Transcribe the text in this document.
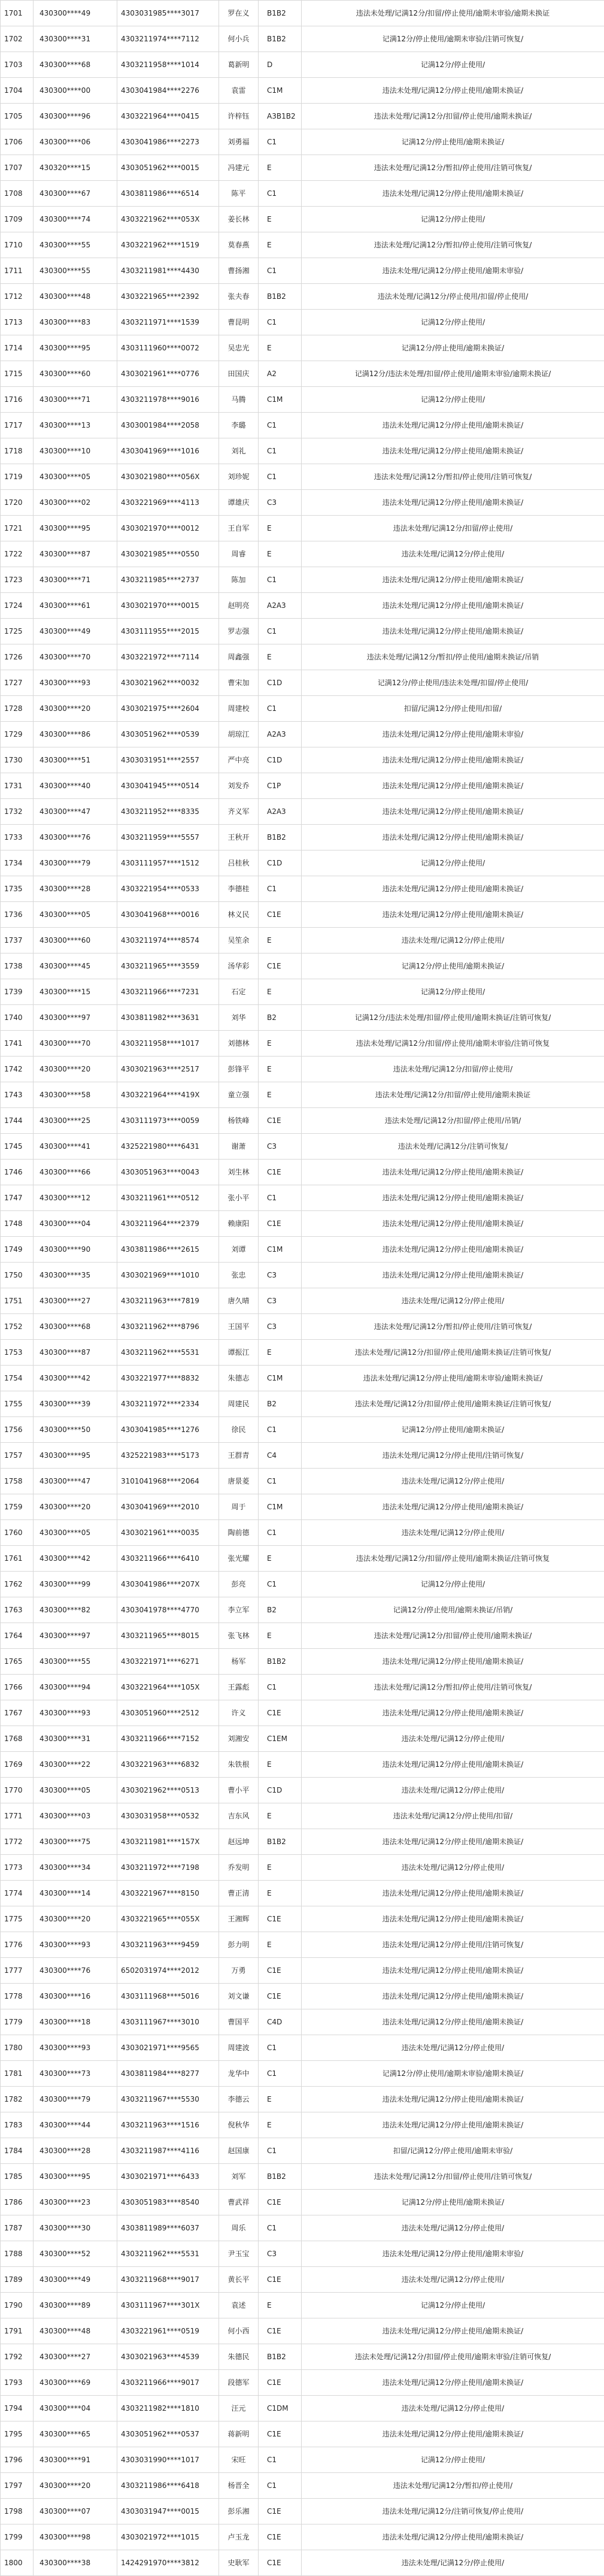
1701	430300****49	4303031985****3017	罗在义	B1B2	违法未处理/记满12分/扣留/停止使用/逾期未审验/逾期未换证
1702	430300****31	4303211974****7112	何小兵	B1B2	记满12分/停止使用/逾期未审验/注销可恢复/
1703	430300****68	4303211958****1014	葛新明	D	记满12分/停止使用/
1704	430300****00	4303041984****2276	袁雷	C1M	违法未处理/记满12分/停止使用/逾期未换证/
1705	430300****96	4303221964****0415	许梓钰	A3B1B2	违法未处理/记满12分/扣留/停止使用/逾期未换证/
1706	430300****06	4303041986****2273	刘勇福	C1	记满12分/停止使用/逾期未换证/
1707	430320****15	4303051962****0015	冯建元	E	违法未处理/记满12分/暂扣/停止使用/注销可恢复/
1708	430300****67	4303811986****6514	陈平	C1	违法未处理/记满12分/停止使用/逾期未换证/
1709	430300****74	4303221962****053X	姜长林	E	记满12分/停止使用/
1710	430300****55	4303221962****1519	莫春燕	E	违法未处理/记满12分/暂扣/停止使用/注销可恢复/
1711	430300****55	4303211981****4430	曹扬湘	C1	违法未处理/记满12分/停止使用/逾期未审验/
1712	430300****48	4303221965****2392	张夫春	B1B2	违法未处理/记满12分/停止使用/扣留/停止使用/
1713	430300****83	4303211971****1539	曹昆明	C1	记满12分/停止使用/
1714	430300****95	4303111960****0072	吴忠光	E	记满12分/停止使用/逾期未换证/
1715	430300****60	4303021961****0776	田国庆	A2	记满12分/违法未处理/扣留/停止使用/逾期未审验/逾期未换证/
1716	430300****71	4303211978****9016	马腾	C1M	记满12分/停止使用/
1717	430300****13	4303001984****2058	李璐	C1	违法未处理/记满12分/停止使用/逾期未换证/
1718	430300****10	4303041969****1016	刘礼	C1	违法未处理/记满12分/停止使用/逾期未换证/
1719	430300****05	4303021980****056X	刘珍妮	C1	违法未处理/记满12分/暂扣/停止使用/注销可恢复/
1720	430300****02	4303221969****4113	谭雄庆	C3	违法未处理/记满12分/停止使用/逾期未换证/
1721	430300****95	4303021970****0012	王自军	E	违法未处理/记满12分/扣留/停止使用/
1722	430300****87	4303021985****0550	周睿	E	违法未处理/记满12分/停止使用/
1723	430300****71	4303211985****2737	陈加	C1	违法未处理/记满12分/停止使用/逾期未换证/
1724	430300****61	4303021970****0015	赵明亮	A2A3	违法未处理/记满12分/停止使用/逾期未换证/
1725	430300****49	4303111955****2015	罗志强	C1	违法未处理/记满12分/停止使用/逾期未换证/
1726	430300****70	4303221972****7114	周鑫强	E	违法未处理/记满12分/暂扣/停止使用/逾期未换证/吊销
1727	430300****93	4303021962****0032	曹宋加	C1D	记满12分/停止使用/违法未处理/扣留/停止使用/
1728	430300****20	4303021975****2604	周建校	C1	扣留/记满12分/停止使用/扣留/
1729	430300****86	4303051962****0539	胡琼江	A2A3	违法未处理/记满12分/停止使用/逾期未审验/
1730	430300****51	4303031951****2557	严中亮	C1D	违法未处理/记满12分/停止使用/逾期未换证/
1731	430300****40	4303041945****0514	刘发乔	C1P	违法未处理/记满12分/停止使用/逾期未换证/
1732	430300****47	4303211952****8335	齐义军	A2A3	违法未处理/记满12分/停止使用/逾期未换证/
1733	430300****76	4303211959****5557	王秋开	B1B2	违法未处理/记满12分/停止使用/逾期未换证/
1734	430300****79	4303111957****1512	吕桂秋	C1D	记满12分/停止使用/
1735	430300****28	4303221954****0533	李德桂	C1	违法未处理/记满12分/停止使用/逾期未换证/
1736	430300****05	4303041968****0016	林义民	C1E	违法未处理/记满12分/停止使用/逾期未换证/
1737	430300****60	4303211974****8574	吴笙余	E	违法未处理/记满12分/停止使用/
1738	430300****45	4303211965****3559	汤华彩	C1E	记满12分/停止使用/逾期未换证/
1739	430300****15	4303211966****7231	石定	E	记满12分/停止使用/
1740	430300****97	4303811982****3631	刘华	B2	记满12分/违法未处理/扣留/停止使用/逾期未换证/注销可恢复/
1741	430300****70	4303211958****1017	刘德林	E	违法未处理/记满12分/扣留/停止使用/逾期未审验/注销可恢复
1742	430300****20	4303021963****2517	彭锋平	E	违法未处理/记满12分/扣留/停止使用/
1743	430300****58	4303221964****419X	童立强	E	违法未处理/记满12分/扣留/停止使用/逾期未换证
1744	430300****25	4303111973****0059	杨铁峰	C1E	违法未处理/记满12分/扣留/停止使用/吊销/
1745	430300****41	4325221980****6431	谢萧	C3	违法未处理/记满12分/注销可恢复/
1746	430300****66	4303051963****0043	刘生林	C1E	违法未处理/记满12分/停止使用/逾期未换证/
1747	430300****12	4303211961****0512	张小平	C1	违法未处理/记满12分/停止使用/逾期未换证/
1748	430300****04	4303211964****2379	赖康阳	C1E	违法未处理/记满12分/停止使用/逾期未换证/
1749	430300****90	4303811986****2615	刘谭	C1M	违法未处理/记满12分/停止使用/逾期未换证/
1750	430300****35	4303021969****1010	张忠	C3	违法未处理/记满12分/停止使用/逾期未换证/
1751	430300****27	4303211963****7819	唐久晴	C3	违法未处理/记满12分/停止使用/
1752	430300****68	4303211962****8796	王国平	C3	违法未处理/记满12分/暂扣/停止使用/注销可恢复/
1753	430300****87	4303211962****5531	谭振江	E	违法未处理/记满12分/扣留/停止使用/逾期未换证/注销可恢复/
1754	430300****42	4303221977****8832	朱德志	C1M	违法未处理/记满12分/停止使用/逾期未审验/逾期未换证/
1755	430300****39	4303211972****2334	周建民	B2	违法未处理/记满12分/扣留/停止使用/逾期未换证/注销可恢复/
1756	430300****50	4303041985****1276	徐民	C1	记满12分/停止使用/逾期未换证/
1757	430300****95	4325221983****5173	王群青	C4	违法未处理/记满12分/停止使用/注销可恢复/
1758	430300****47	3101041968****2064	唐景菱	C1	违法未处理/记满12分/停止使用/
1759	430300****20	4303041969****2010	周于	C1M	违法未处理/记满12分/停止使用/逾期未换证/
1760	430300****05	4303021961****0035	陶前德	C1	违法未处理/记满12分/停止使用/
1761	430300****42	4303211966****6410	张光耀	E	违法未处理/记满12分/扣留/停止使用/逾期未换证/注销可恢复
1762	430300****99	4303041986****207X	彭亮	C1	记满12分/停止使用/
1763	430300****82	4303041978****4770	李立军	B2	记满12分/停止使用/逾期未换证/吊销/
1764	430300****97	4303211965****8015	张飞林	E	违法未处理/记满12分/扣留/停止使用/逾期未换证/
1765	430300****55	4303221971****6271	杨军	B1B2	违法未处理/记满12分/停止使用/逾期未换证/
1766	430300****94	4303221964****105X	王露彪	C1	违法未处理/记满12分/暂扣/停止使用/注销可恢复/
1767	430300****93	4303051960****2512	许义	C1E	违法未处理/记满12分/停止使用/逾期未换证/
1768	430300****31	4303211966****7152	刘湘安	C1EM	违法未处理/记满12分/停止使用/
1769	430300****22	4303221963****6832	朱铁根	E	违法未处理/记满12分/停止使用/逾期未换证/
1770	430300****05	4303021962****0513	曹小平	C1D	违法未处理/记满12分/停止使用/
1771	430300****03	4303031958****0532	吉东风	E	违法未处理/记满12分/停止使用/扣留/
1772	430300****75	4303211981****157X	赵远坤	B1B2	违法未处理/记满12分/停止使用/逾期未换证/
1773	430300****34	4303211972****7198	乔发明	E	违法未处理/记满12分/停止使用/
1774	430300****14	4303221967****8150	曹正清	E	违法未处理/记满12分/停止使用/逾期未换证/
1775	430300****20	4303221965****055X	王湘辉	C1E	违法未处理/记满12分/停止使用/逾期未换证/
1776	430300****93	4303211963****9459	彭力明	E	违法未处理/记满12分/停止使用/注销可恢复/
1777	430300****76	6502031974****2012	万勇	C1E	违法未处理/记满12分/停止使用/逾期未换证/
1778	430300****16	4303111968****5016	刘文谦	C1E	违法未处理/记满12分/停止使用/逾期未换证/
1779	430300****18	4303111967****3010	曹国平	C4D	违法未处理/记满12分/停止使用/逾期未换证/
1780	430300****93	4303021971****9565	周建波	C1	违法未处理/记满12分/停止使用/
1781	430300****73	4303811984****8277	龙华中	C1	记满12分/停止使用/逾期未审验/逾期未换证/
1782	430300****79	4303211967****5530	李德云	E	违法未处理/记满12分/停止使用/逾期未换证/
1783	430300****44	4303211963****1516	倪秋华	E	违法未处理/记满12分/停止使用/逾期未换证/
1784	430300****28	4303211987****4116	赵国康	C1	扣留/记满12分/停止使用/逾期未审验/
1785	430300****95	4303021971****6433	刘军	B1B2	违法未处理/记满12分/扣留/停止使用/注销可恢复/
1786	430300****23	4303051983****8540	曹武祥	C1E	记满12分/停止使用/逾期未换证/
1787	430300****30	4303811989****6037	周乐	C1	违法未处理/记满12分/停止使用/
1788	430300****52	4303211962****5531	尹玉宝	C3	违法未处理/记满12分/停止使用/逾期未审验/
1789	430300****49	4303211968****9017	黄长平	C1E	违法未处理/记满12分/停止使用/
1790	430300****89	4303111967****301X	袁述	E	记满12分/停止使用/
1791	430300****48	4303221961****0519	何小西	C1E	违法未处理/记满12分/停止使用/逾期未换证/
1792	430300****27	4303021963****4539	朱德民	B1B2	违法未处理/记满12分/扣留/停止使用/逾期未审验/注销可恢复/
1793	430300****69	4303211966****9017	段德军	C1E	违法未处理/记满12分/停止使用/逾期未换证/
1794	430300****04	4303211982****1810	汪元	C1DM	违法未处理/记满12分/停止使用/
1795	430300****65	4303051962****0537	蒋新明	C1E	违法未处理/记满12分/停止使用/逾期未换证/
1796	430300****91	4303031990****1017	宋旺	C1	记满12分/停止使用/
1797	430300****20	4303211986****6418	杨晋全	C1	违法未处理/记满12分/暂扣/停止使用/
1798	430300****07	4303031947****0015	彭乐湘	C1E	违法未处理/记满12分/注销可恢复/停止使用/
1799	430300****98	4303021972****1015	卢玉龙	C1E	违法未处理/记满12分/停止使用/逾期未换证/
1800	430300****38	1424291970****3812	史耿军	C1E	违法未处理/记满12分/停止使用/
